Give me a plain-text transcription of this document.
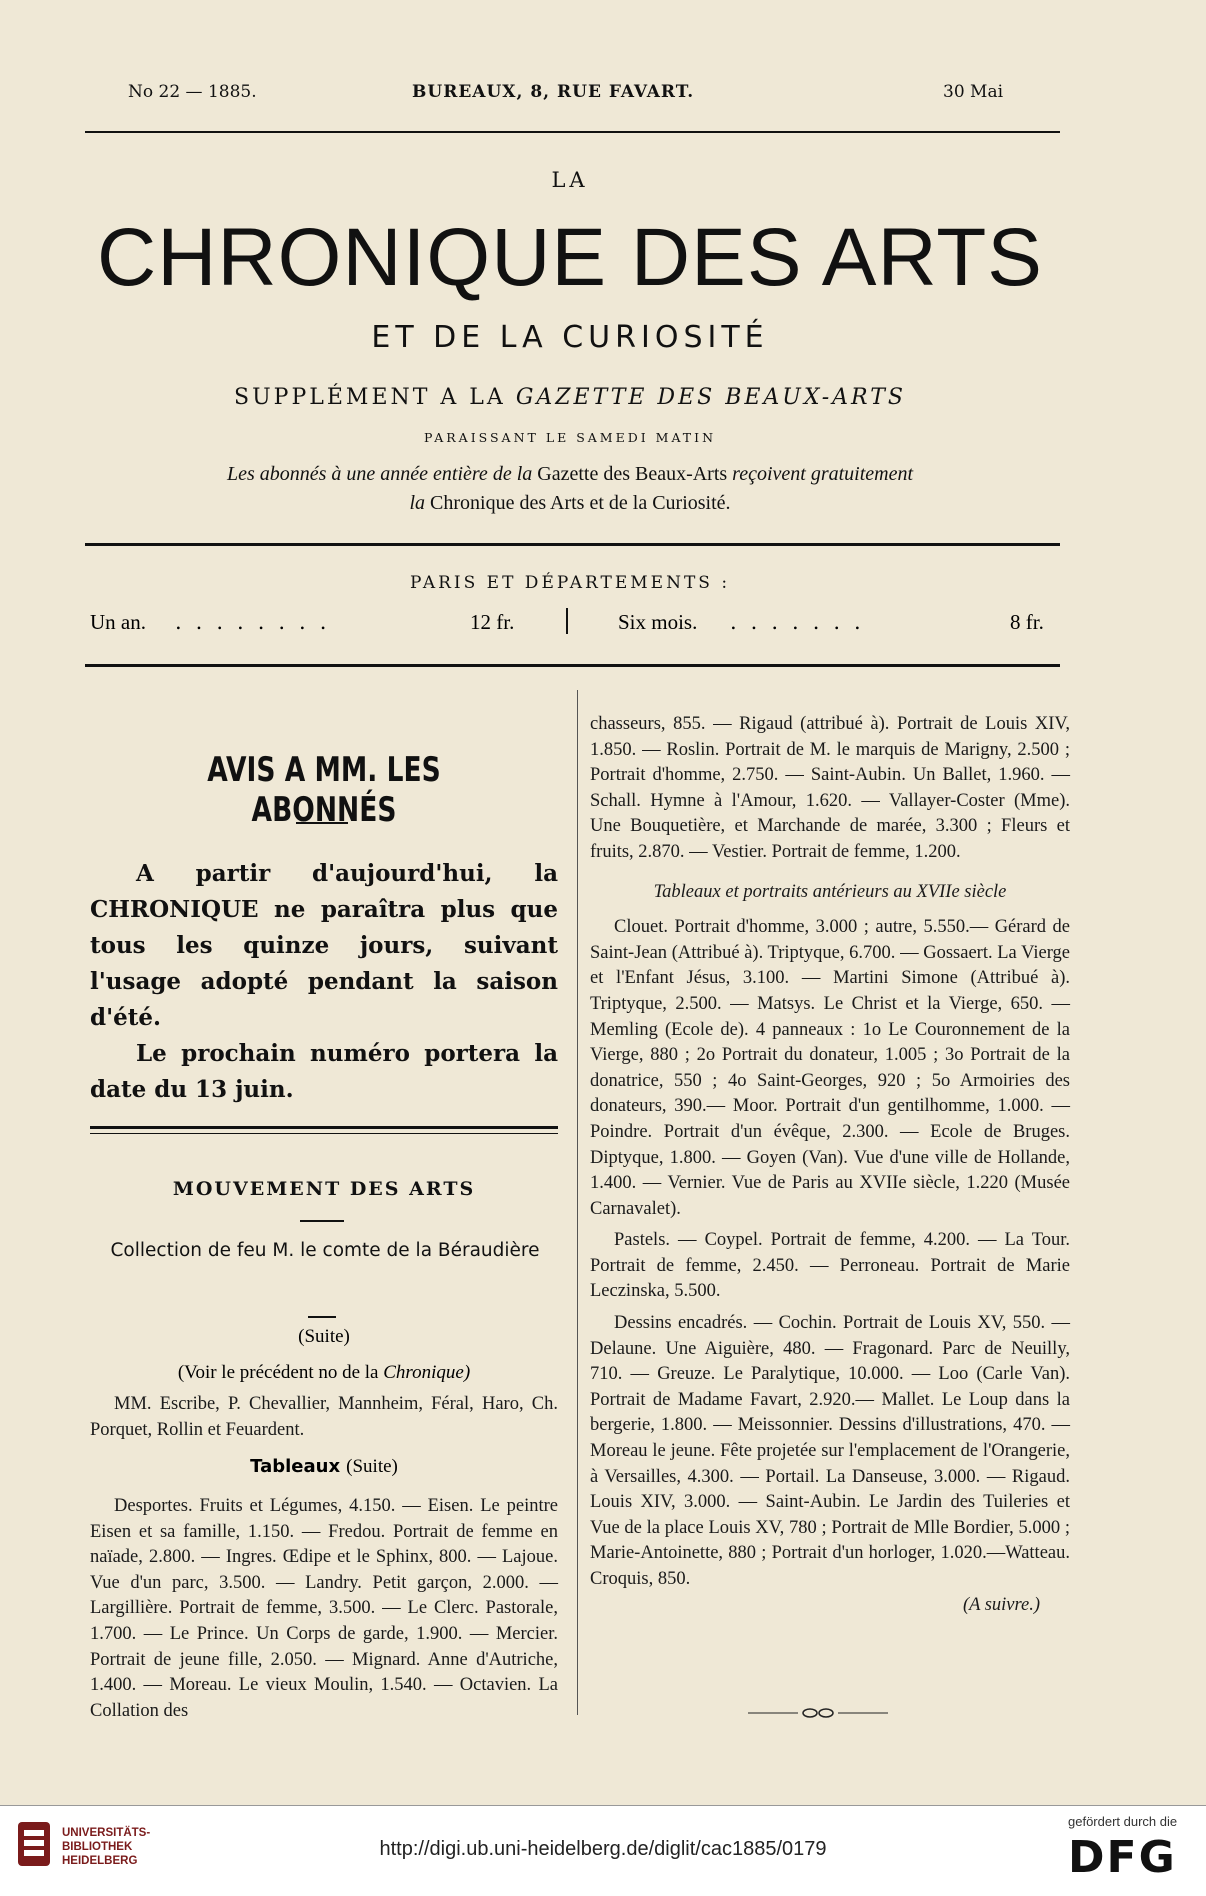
No 22 — 1885.	BUREAUX, 8, RUE FAVART.	30 Mai
LA
CHRONIQUE DES ARTS
ET DE LA CURIOSITÉ
SUPPLÉMENT A LA GAZETTE DES BEAUX-ARTS
PARAISSANT LE SAMEDI MATIN
Les abonnés à une année entière de la Gazette des Beaux-Arts reçoivent gratuitement
la Chronique des Arts et de la Curiosité.
PARIS ET DÉPARTEMENTS :
Un an. ........	12 fr.	Six mois. .......	8 fr.
AVIS A MM. LES ABONNÉS

A partir d'aujourd'hui, la CHRONIQUE ne paraîtra plus que tous les quinze jours, suivant l'usage adopté pendant la saison d'été.

Le prochain numéro portera la date du 13 juin.

MOUVEMENT DES ARTS
Collection de feu M. le comte de la Béraudière
(Suite)
(Voir le précédent no de la Chronique)

MM. Escribe, P. Chevallier, Mannheim, Féral, Haro, Ch. Porquet, Rollin et Feuardent.

Tableaux (Suite)

Desportes. Fruits et Légumes, 4.150. — Eisen. Le peintre Eisen et sa famille, 1.150. — Fredou. Portrait de femme en naïade, 2.800. — Ingres. Œdipe et le Sphinx, 800. — Lajoue. Vue d'un parc, 3.500. — Landry. Petit garçon, 2.000. — Largillière. Portrait de femme, 3.500. — Le Clerc. Pastorale, 1.700. — Le Prince. Un Corps de garde, 1.900. — Mercier. Portrait de jeune fille, 2.050. — Mignard. Anne d'Autriche, 1.400. — Moreau. Le vieux Moulin, 1.540. — Octavien. La Collation des

chasseurs, 855. — Rigaud (attribué à). Portrait de Louis XIV, 1.850. — Roslin. Portrait de M. le marquis de Marigny, 2.500 ; Portrait d'homme, 2.750. — Saint-Aubin. Un Ballet, 1.960. — Schall. Hymne à l'Amour, 1.620. — Vallayer-Coster (Mme). Une Bouquetière, et Marchande de marée, 3.300 ; Fleurs et fruits, 2.870. — Vestier. Portrait de femme, 1.200.

Tableaux et portraits antérieurs au XVIIe siècle

Clouet. Portrait d'homme, 3.000 ; autre, 5.550.— Gérard de Saint-Jean (Attribué à). Triptyque, 6.700. — Gossaert. La Vierge et l'Enfant Jésus, 3.100. — Martini Simone (Attribué à). Triptyque, 2.500. — Matsys. Le Christ et la Vierge, 650. — Memling (Ecole de). 4 panneaux : 1o Le Couronnement de la Vierge, 880 ; 2o Portrait du donateur, 1.005 ; 3o Portrait de la donatrice, 550 ; 4o Saint-Georges, 920 ; 5o Armoiries des donateurs, 390.— Moor. Portrait d'un gentilhomme, 1.000. — Poindre. Portrait d'un évêque, 2.300. — Ecole de Bruges. Diptyque, 1.800. — Goyen (Van). Vue d'une ville de Hollande, 1.400. — Vernier. Vue de Paris au XVIIe siècle, 1.220 (Musée Carnavalet).

Pastels. — Coypel. Portrait de femme, 4.200. — La Tour. Portrait de femme, 2.450. — Perroneau. Portrait de Marie Leczinska, 5.500.

Dessins encadrés. — Cochin. Portrait de Louis XV, 550. — Delaune. Une Aiguière, 480. — Fragonard. Parc de Neuilly, 710. — Greuze. Le Paralytique, 10.000. — Loo (Carle Van). Portrait de Madame Favart, 2.920.— Mallet. Le Loup dans la bergerie, 1.800. — Meissonnier. Dessins d'illustrations, 470. — Moreau le jeune. Fête projetée sur l'emplacement de l'Orangerie, à Versailles, 4.300. — Portail. La Danseuse, 3.000. — Rigaud. Louis XIV, 3.000. — Saint-Aubin. Le Jardin des Tuileries et Vue de la place Louis XV, 780 ; Portrait de Mlle Bordier, 5.000 ; Marie-Antoinette, 880 ; Portrait d'un horloger, 1.020.—Watteau. Croquis, 850.

(A suivre.)

UNIVERSITÄTS-
BIBLIOTHEK
HEIDELBERG
http://digi.ub.uni-heidelberg.de/diglit/cac1885/0179
gefördert durch die
DFG
